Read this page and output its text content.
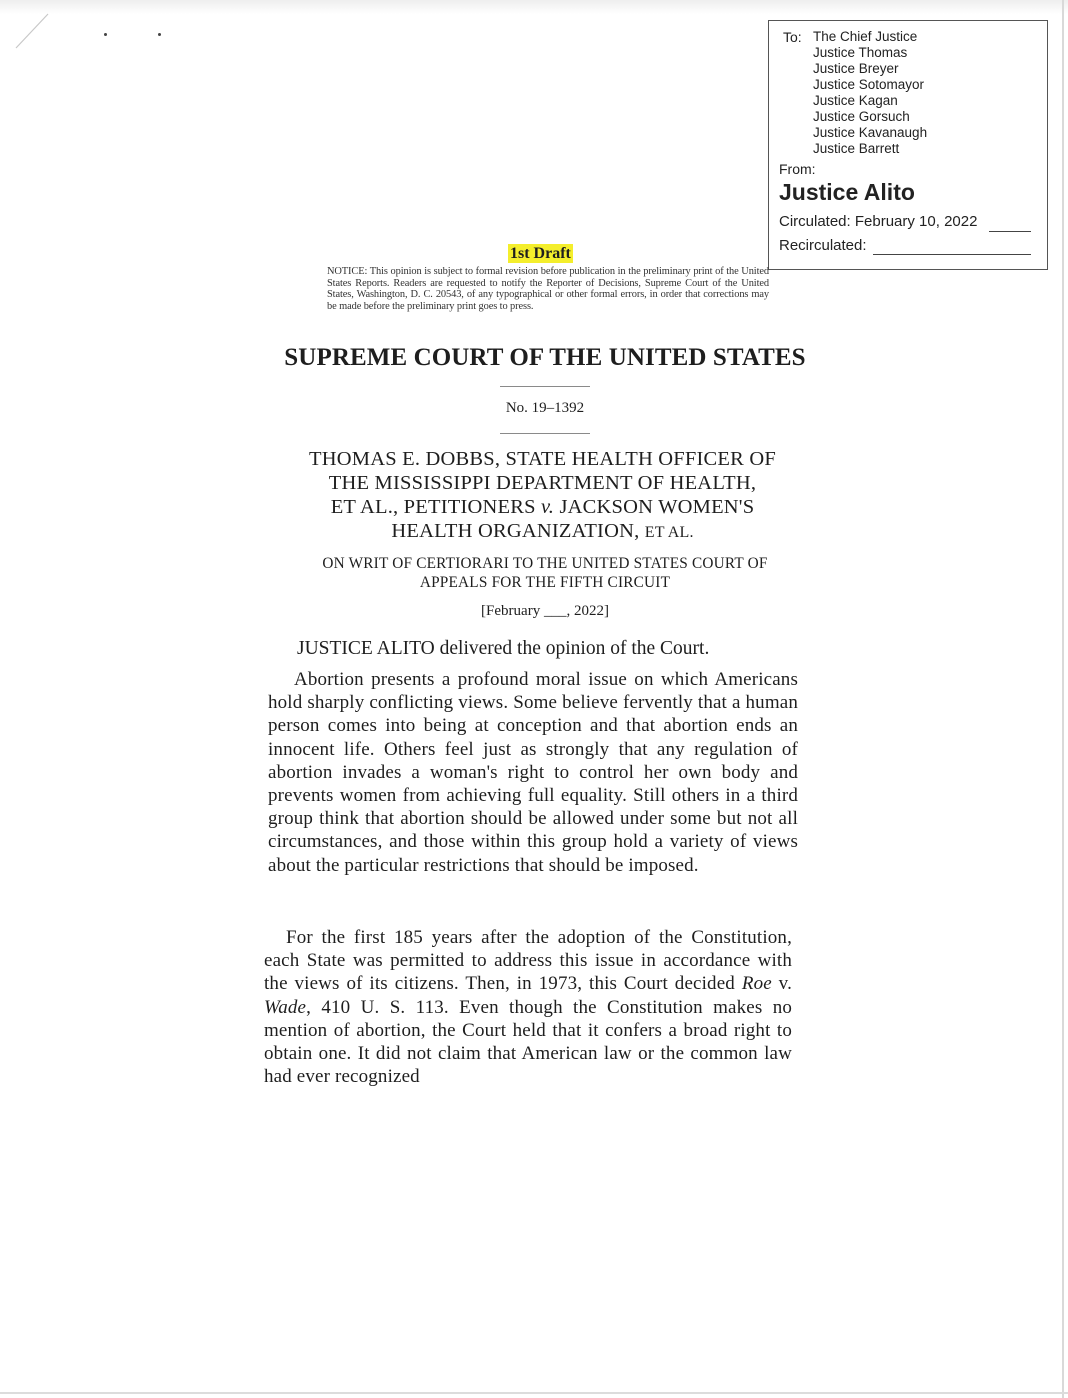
To: The Chief Justice
Justice Thomas
Justice Breyer
Justice Sotomayor
Justice Kagan
Justice Gorsuch
Justice Kavanaugh
Justice Barrett
From:
Justice Alito
Circulated: February 10, 2022
Recirculated:
1st Draft

NOTICE: This opinion is subject to formal revision before publication in the preliminary print of the United States Reports. Readers are requested to notify the Reporter of Decisions, Supreme Court of the United States, Washington, D. C. 20543, of any typographical or other formal errors, in order that corrections may be made before the preliminary print goes to press.

SUPREME COURT OF THE UNITED STATES
No. 19–1392

THOMAS E. DOBBS, STATE HEALTH OFFICER OF
THE MISSISSIPPI DEPARTMENT OF HEALTH,
ET AL., PETITIONERS v. JACKSON WOMEN'S
HEALTH ORGANIZATION, ET AL.

ON WRIT OF CERTIORARI TO THE UNITED STATES COURT OF
APPEALS FOR THE FIFTH CIRCUIT

[February ___, 2022]
JUSTICE ALITO delivered the opinion of the Court.

Abortion presents a profound moral issue on which Americans hold sharply conflicting views. Some believe fervently that a human person comes into being at conception and that abortion ends an innocent life. Others feel just as strongly that any regulation of abortion invades a woman's right to control her own body and prevents women from achieving full equality. Still others in a third group think that abortion should be allowed under some but not all circumstances, and those within this group hold a variety of views about the particular restrictions that should be imposed.

For the first 185 years after the adoption of the Constitution, each State was permitted to address this issue in accordance with the views of its citizens. Then, in 1973, this Court decided Roe v. Wade, 410 U. S. 113. Even though the Constitution makes no mention of abortion, the Court held that it confers a broad right to obtain one. It did not claim that American law or the common law had ever recognized
